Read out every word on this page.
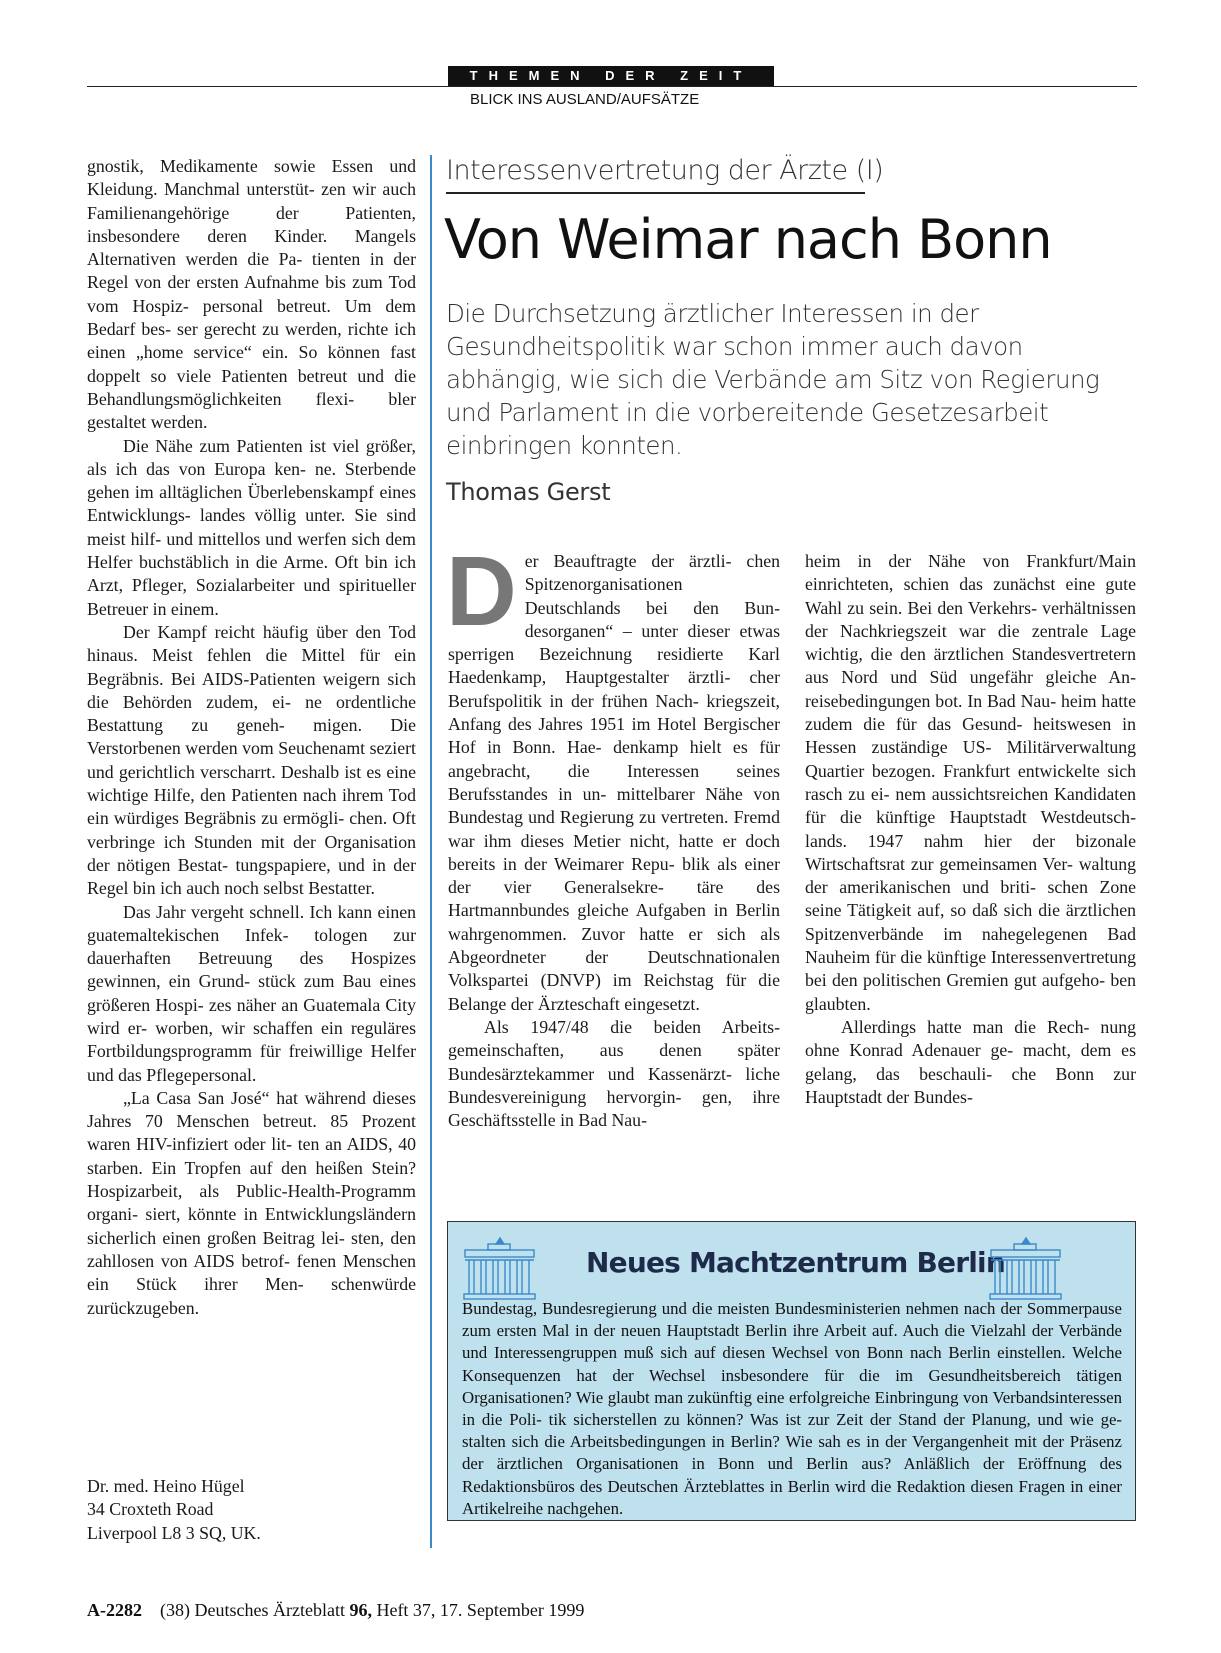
THEMEN DER ZEIT
BLICK INS AUSLAND/AUFSÄTZE

gnostik, Medikamente sowie Essen und Kleidung. Manchmal unterstüt- zen wir auch Familienangehörige der Patienten, insbesondere deren Kinder. Mangels Alternativen werden die Pa- tienten in der Regel von der ersten Aufnahme bis zum Tod vom Hospiz- personal betreut. Um dem Bedarf bes- ser gerecht zu werden, richte ich einen „home service“ ein. So können fast doppelt so viele Patienten betreut und die Behandlungsmöglichkeiten flexi- bler gestaltet werden.

Die Nähe zum Patienten ist viel größer, als ich das von Europa ken- ne. Sterbende gehen im alltäglichen Überlebenskampf eines Entwicklungs- landes völlig unter. Sie sind meist hilf- und mittellos und werfen sich dem Helfer buchstäblich in die Arme. Oft bin ich Arzt, Pfleger, Sozialarbeiter und spiritueller Betreuer in einem.

Der Kampf reicht häufig über den Tod hinaus. Meist fehlen die Mittel für ein Begräbnis. Bei AIDS-Patienten weigern sich die Behörden zudem, ei- ne ordentliche Bestattung zu geneh- migen. Die Verstorbenen werden vom Seuchenamt seziert und gerichtlich verscharrt. Deshalb ist es eine wichtige Hilfe, den Patienten nach ihrem Tod ein würdiges Begräbnis zu ermögli- chen. Oft verbringe ich Stunden mit der Organisation der nötigen Bestat- tungspapiere, und in der Regel bin ich auch noch selbst Bestatter.

Das Jahr vergeht schnell. Ich kann einen guatemaltekischen Infek- tologen zur dauerhaften Betreuung des Hospizes gewinnen, ein Grund- stück zum Bau eines größeren Hospi- zes näher an Guatemala City wird er- worben, wir schaffen ein reguläres Fortbildungsprogramm für freiwillige Helfer und das Pflegepersonal.

„La Casa San José“ hat während dieses Jahres 70 Menschen betreut. 85 Prozent waren HIV-infiziert oder lit- ten an AIDS, 40 starben. Ein Tropfen auf den heißen Stein? Hospizarbeit, als Public-Health-Programm organi- siert, könnte in Entwicklungsländern sicherlich einen großen Beitrag lei- sten, den zahllosen von AIDS betrof- fenen Menschen ein Stück ihrer Men- schenwürde zurückzugeben.

Dr. med. Heino Hügel
34 Croxteth Road
Liverpool L8 3 SQ, UK.
Interessenvertretung der Ärzte (I)
Von Weimar nach Bonn
Die Durchsetzung ärztlicher Interessen in der Gesundheitspolitik war schon immer auch davon abhängig, wie sich die Verbände am Sitz von Regierung und Parlament in die vorbereitende Gesetzesarbeit einbringen konnten.
Thomas Gerst

Der Beauftragte der ärztli- chen Spitzenorganisationen Deutschlands bei den Bun- desorganen“ – unter dieser etwas sperrigen Bezeichnung residierte Karl Haedenkamp, Hauptgestalter ärztli- cher Berufspolitik in der frühen Nach- kriegszeit, Anfang des Jahres 1951 im Hotel Bergischer Hof in Bonn. Hae- denkamp hielt es für angebracht, die Interessen seines Berufsstandes in un- mittelbarer Nähe von Bundestag und Regierung zu vertreten. Fremd war ihm dieses Metier nicht, hatte er doch bereits in der Weimarer Repu- blik als einer der vier Generalsekre- täre des Hartmannbundes gleiche Aufgaben in Berlin wahrgenommen. Zuvor hatte er sich als Abgeordneter der Deutschnationalen Volkspartei (DNVP) im Reichstag für die Belange der Ärzteschaft eingesetzt.

Als 1947/48 die beiden Arbeits- gemeinschaften, aus denen später Bundesärztekammer und Kassenärzt- liche Bundesvereinigung hervorgin- gen, ihre Geschäftsstelle in Bad Nau-

heim in der Nähe von Frankfurt/Main einrichteten, schien das zunächst eine gute Wahl zu sein. Bei den Verkehrs- verhältnissen der Nachkriegszeit war die zentrale Lage wichtig, die den ärztlichen Standesvertretern aus Nord und Süd ungefähr gleiche An- reisebedingungen bot. In Bad Nau- heim hatte zudem die für das Gesund- heitswesen in Hessen zuständige US- Militärverwaltung Quartier bezogen. Frankfurt entwickelte sich rasch zu ei- nem aussichtsreichen Kandidaten für die künftige Hauptstadt Westdeutsch- lands. 1947 nahm hier der bizonale Wirtschaftsrat zur gemeinsamen Ver- waltung der amerikanischen und briti- schen Zone seine Tätigkeit auf, so daß sich die ärztlichen Spitzenverbände im nahegelegenen Bad Nauheim für die künftige Interessenvertretung bei den politischen Gremien gut aufgeho- ben glaubten.

Allerdings hatte man die Rech- nung ohne Konrad Adenauer ge- macht, dem es gelang, das beschauli- che Bonn zur Hauptstadt der Bundes-

Neues Machtzentrum Berlin

Bundestag, Bundesregierung und die meisten Bundesministerien nehmen nach der Sommerpause zum ersten Mal in der neuen Hauptstadt Berlin ihre Arbeit auf. Auch die Vielzahl der Verbände und Interessengruppen muß sich auf diesen Wechsel von Bonn nach Berlin einstellen. Welche Konsequenzen hat der Wechsel insbesondere für die im Gesundheitsbereich tätigen Organisationen? Wie glaubt man zukünftig eine erfolgreiche Einbringung von Verbandsinteressen in die Poli- tik sicherstellen zu können? Was ist zur Zeit der Stand der Planung, und wie ge- stalten sich die Arbeitsbedingungen in Berlin? Wie sah es in der Vergangenheit mit der Präsenz der ärztlichen Organisationen in Bonn und Berlin aus? Anläßlich der Eröffnung des Redaktionsbüros des Deutschen Ärzteblattes in Berlin wird die Redaktion diesen Fragen in einer Artikelreihe nachgehen.

A-2282 (38) Deutsches Ärzteblatt 96, Heft 37, 17. September 1999
